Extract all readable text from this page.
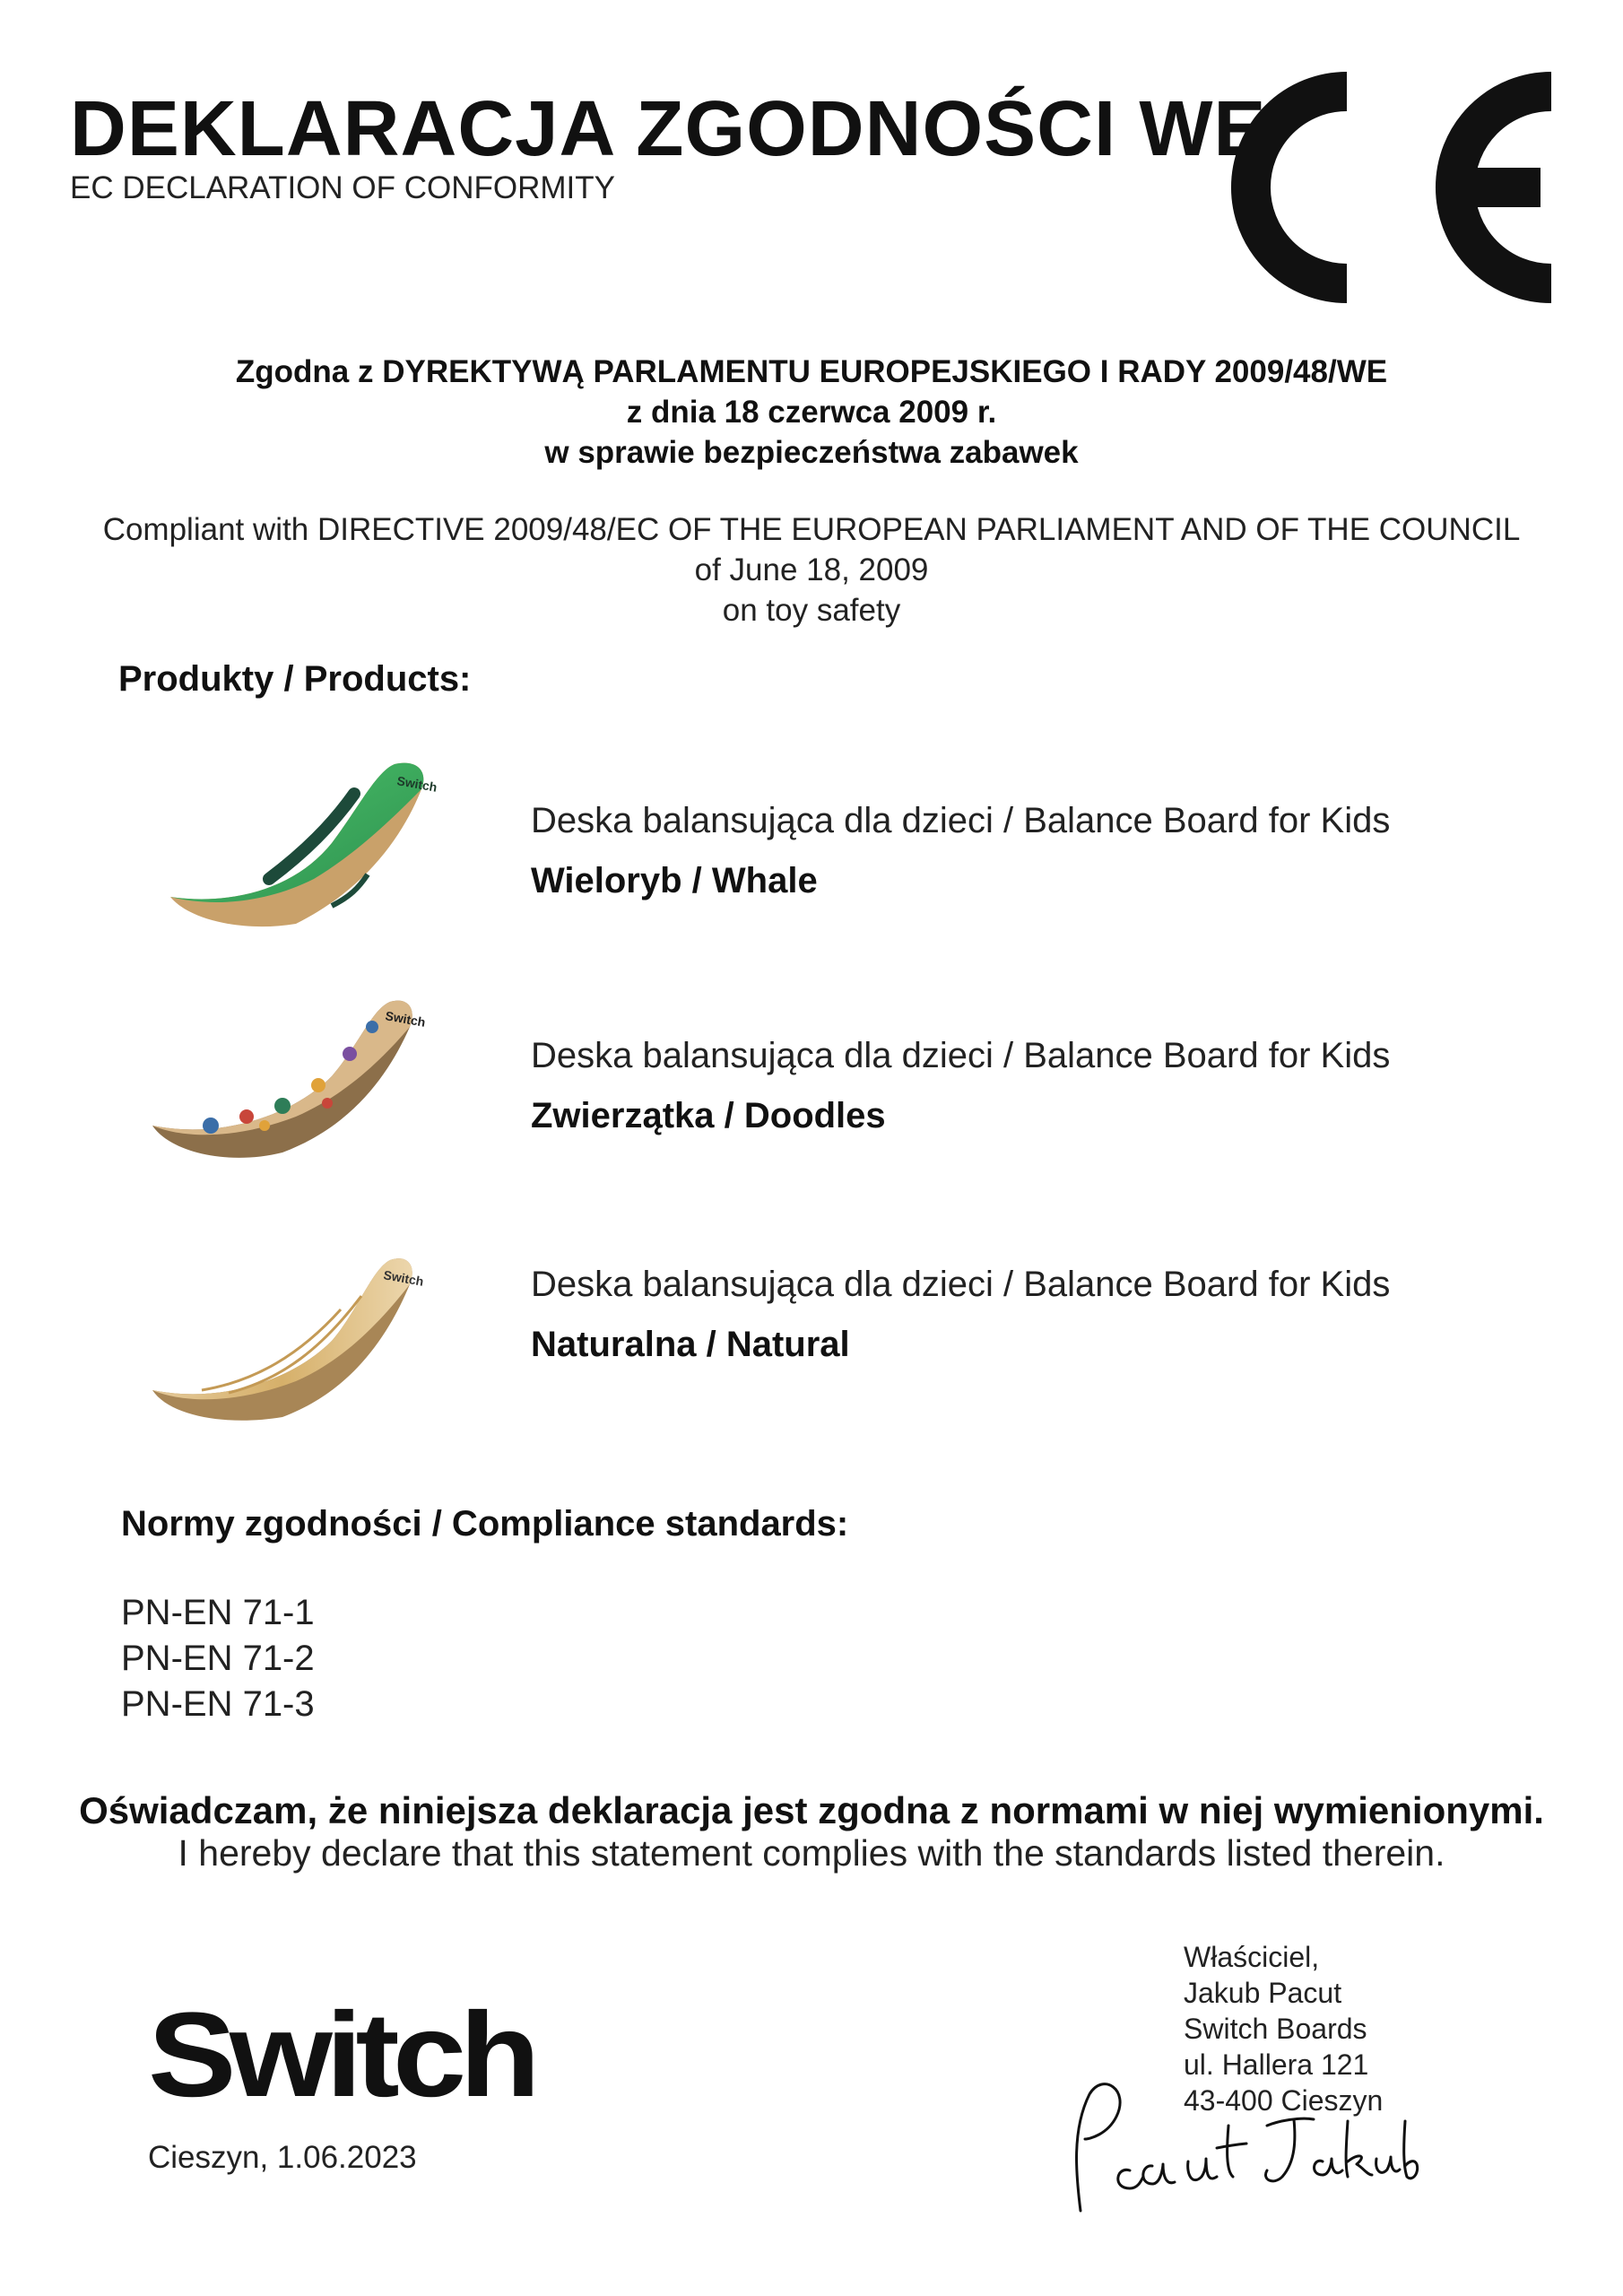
DEKLARACJA ZGODNOŚCI WE
EC DECLARATION OF CONFORMITY
Zgodna z DYREKTYWĄ PARLAMENTU EUROPEJSKIEGO I RADY 2009/48/WE
z dnia 18 czerwca 2009 r.
w sprawie bezpieczeństwa zabawek
Compliant with DIRECTIVE 2009/48/EC OF THE EUROPEAN PARLIAMENT AND OF THE COUNCIL
of June 18, 2009
on toy safety
Produkty / Products:
Switch
Deska balansująca dla dzieci / Balance Board for Kids
Wieloryb / Whale
Switch
Deska balansująca dla dzieci / Balance Board for Kids
Zwierzątka / Doodles
Switch	Deska balansująca dla dzieci / Balance Board for Kids
Naturalna / Natural
Normy zgodności / Compliance standards:
PN-EN 71-1
PN-EN 71-2
PN-EN 71-3
Oświadczam, że niniejsza deklaracja jest zgodna z normami w niej wymienionymi.
I hereby declare that this statement complies with the standards listed therein.
Switch
Cieszyn, 1.06.2023
Właściciel,
Jakub Pacut
Switch Boards
ul. Hallera 121
43-400 Cieszyn
